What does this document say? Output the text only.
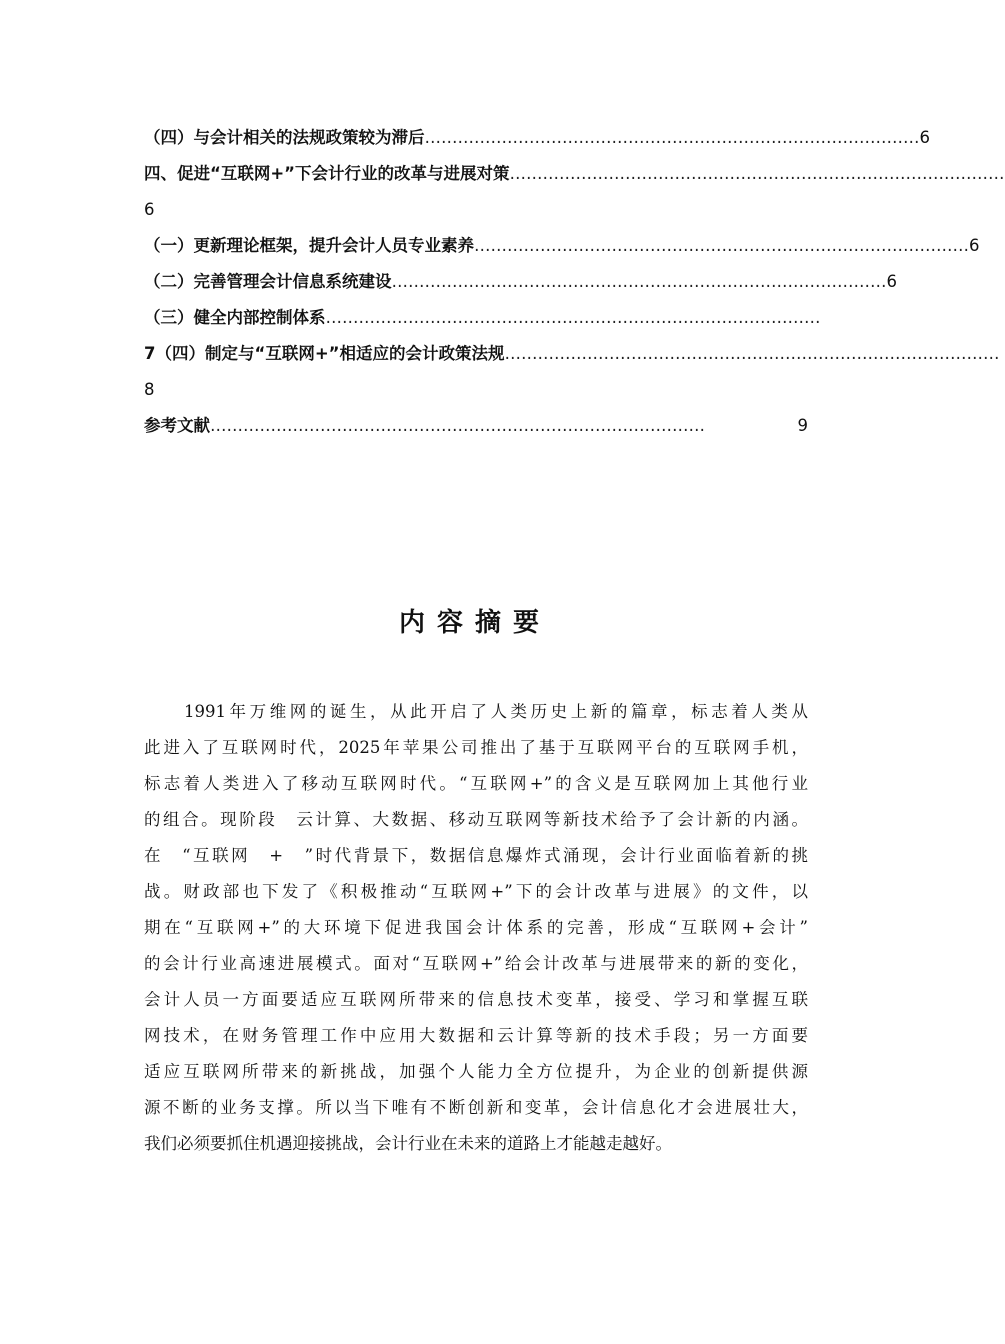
（四）与会计相关的法规政策较为滞后 ……………………………………………………………………………… 6
四、促进“互联网+”下会计行业的改革与进展对策 ………………………………………………………………………………
6
（一）更新理论框架，提升会计人员专业素养 ……………………………………………………………………………… 6
（二）完善管理会计信息系统建设 ……………………………………………………………………………… 6
（三）健全内部控制体系 ………………………………………………………………………………
7（四）制定与“互联网+”相适应的会计政策法规 ………………………………………………………………………………
8
参考文献 ………………………………………………………………………………	9
内容摘要
1991年万维网的诞生，从此开启了人类历史上新的篇章，标志着人类从
此进入了互联网时代，2025年苹果公司推出了基于互联网平台的互联网手机，
标志着人类进入了移动互联网时代。“互联网+”的含义是互联网加上其他行业
的组合。现阶段　云计算、大数据、移动互联网等新技术给予了会计新的内涵。
在　“互联网　+　”时代背景下，数据信息爆炸式涌现，会计行业面临着新的挑
战。财政部也下发了《积极推动“互联网+”下的会计改革与进展》的文件，以
期在“互联网+”的大环境下促进我国会计体系的完善，形成“互联网+会计”
的会计行业高速进展模式。面对“互联网+”给会计改革与进展带来的新的变化，
会计人员一方面要适应互联网所带来的信息技术变革，接受、学习和掌握互联
网技术，在财务管理工作中应用大数据和云计算等新的技术手段；另一方面要
适应互联网所带来的新挑战，加强个人能力全方位提升，为企业的创新提供源
源不断的业务支撑。所以当下唯有不断创新和变革，会计信息化才会进展壮大，
我们必须要抓住机遇迎接挑战，会计行业在未来的道路上才能越走越好。
